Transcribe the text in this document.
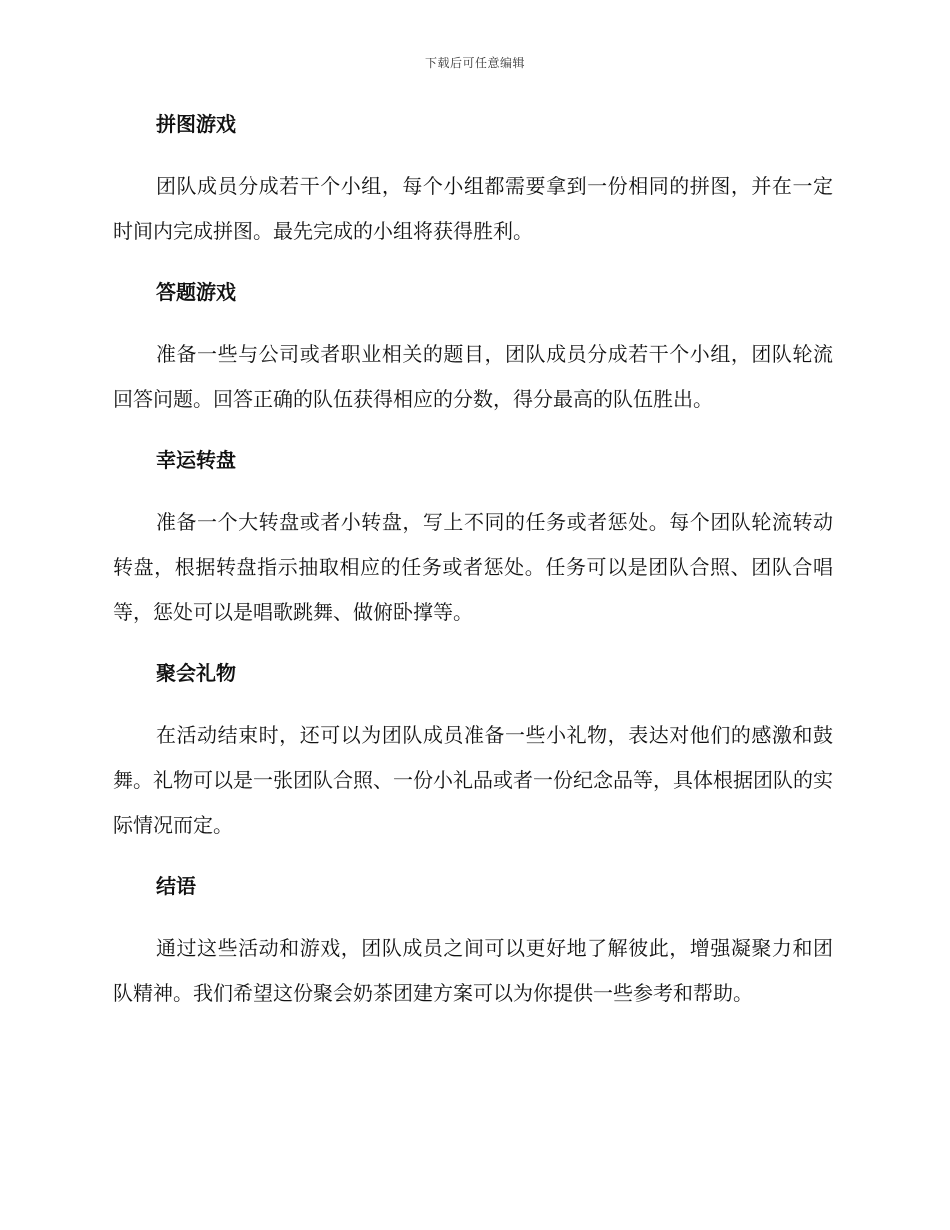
下载后可任意编辑
拼图游戏
团队成员分成若干个小组，每个小组都需要拿到一份相同的拼图，并在一定时间内完成拼图。最先完成的小组将获得胜利。
答题游戏
准备一些与公司或者职业相关的题目，团队成员分成若干个小组，团队轮流回答问题。回答正确的队伍获得相应的分数，得分最高的队伍胜出。
幸运转盘
准备一个大转盘或者小转盘，写上不同的任务或者惩处。每个团队轮流转动转盘，根据转盘指示抽取相应的任务或者惩处。任务可以是团队合照、团队合唱等，惩处可以是唱歌跳舞、做俯卧撑等。
聚会礼物
在活动结束时，还可以为团队成员准备一些小礼物，表达对他们的感激和鼓舞。礼物可以是一张团队合照、一份小礼品或者一份纪念品等，具体根据团队的实际情况而定。
结语
通过这些活动和游戏，团队成员之间可以更好地了解彼此，增强凝聚力和团队精神。我们希望这份聚会奶茶团建方案可以为你提供一些参考和帮助。
